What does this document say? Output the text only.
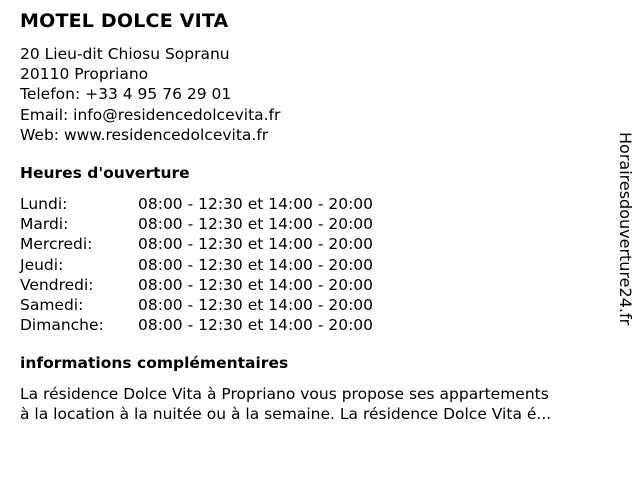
MOTEL DOLCE VITA
20 Lieu-dit Chiosu Sopranu
20110 Propriano
Telefon: +33 4 95 76 29 01
Email: info@residencedolcevita.fr
Web: www.residencedolcevita.fr
Heures d'ouverture
Lundi:	08:00 - 12:30 et 14:00 - 20:00
Mardi:	08:00 - 12:30 et 14:00 - 20:00
Mercredi:	08:00 - 12:30 et 14:00 - 20:00
Jeudi:	08:00 - 12:30 et 14:00 - 20:00
Vendredi:	08:00 - 12:30 et 14:00 - 20:00
Samedi:	08:00 - 12:30 et 14:00 - 20:00
Dimanche: 08:00 - 12:30 et 14:00 - 20:00
informations complémentaires
La résidence Dolce Vita à Propriano vous propose ses appartements
à la location à la nuitée ou à la semaine. La résidence Dolce Vita é...
Horairesdouverture24.fr
